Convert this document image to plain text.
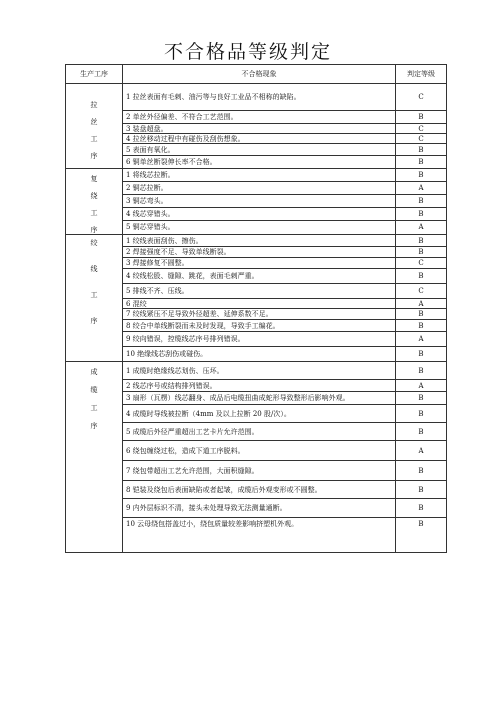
不合格品等级判定
生产工序	不合格现象	判定等级

拉
丝
工
序	1 拉丝表面有毛刺、油污等与良好工业品不相称的缺陷。	C
	2 单丝外径偏差、不符合工艺范围。	B
	3 装盘超盘。	C
	4 拉丝移动过程中有碰伤及刮伤想象。	C
	5 表面有氧化。	B
	6 铜单丝断裂伸长率不合格。	B

复
绕
工
序	1 将线芯拉断。	B
	2 铜芯拉断。	A
	3 铜芯弯头。	B
	4 线芯穿错头。	B
	5 铜芯穿错头。	A

绞
线
工
序	1 绞线表面刮伤、擦伤。	B
	2 焊接强度不足、导致单线断裂。	B
	3 焊接修复不圆整。	C
	4 绞线松股、缝隙、跳花，表面毛刺严重。	B
	5 排线不齐、压线。	C
	6 混绞	A
	7 绞线紧压不足导致外径超差、延伸系数不足。	B
	8 绞合中单线断裂而未及时发现，导致手工编花。	B
	9 绞向错误，控缆线芯序号排列错误。	A
	10 绝缘线芯刮伤或碰伤。	B

成
缆
工
序	1 成缆时绝缘线芯划伤、压坏。	B
	2 线芯序号或结构排列错误。	A
	3 扇形（瓦楞）线芯翻身、成品后电缆扭曲成蛇形导致整形后影响外观。	B
	4 成缆时导线被拉断（4mm 及以上拉断 20 股/次）。	B
	5 成缆后外径严重超出工艺卡片允许范围。	B
	6 绕包缠绕过松，造成下道工序脱料。	A
	7 绕包带超出工艺允许范围，大面积缝隙。	B
	8 铠装及绕包后表面缺陷或者起皱，成缆后外观变形或不圆整。	B
	9 内外层标识不清，接头未处理导致无法测量通断。	B
	10 云母绕包搭盖过小，绕包质量较差影响挤塑机外观。	B
